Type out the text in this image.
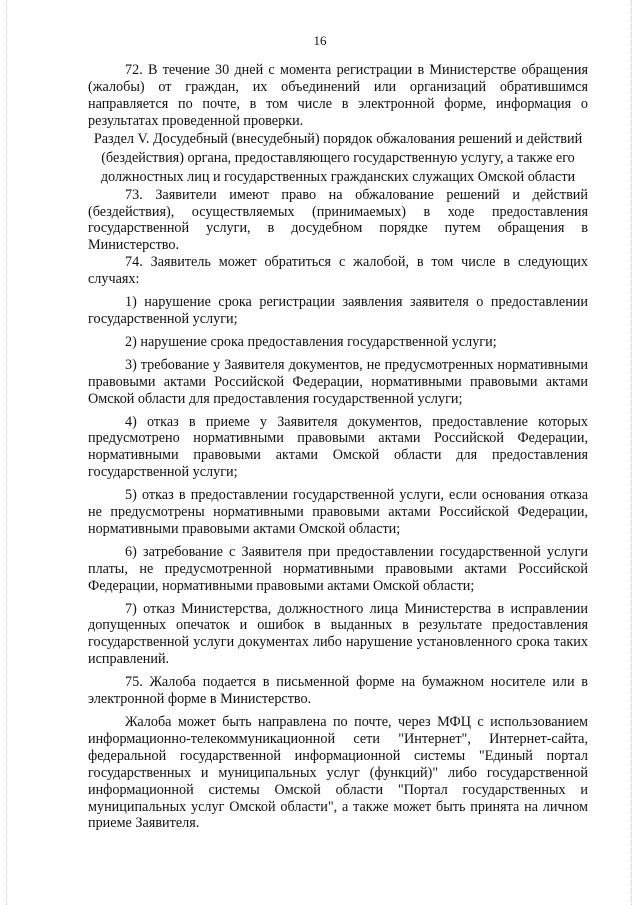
16

72. В течение 30 дней с момента регистрации в Министерстве обращения (жалобы) от граждан, их объединений или организаций обратившимся направляется по почте, в том числе в электронной форме, информация о результатах проведенной проверки.

Раздел V. Досудебный (внесудебный) порядок обжалования решений и действий (бездействия) органа, предоставляющего государственную услугу, а также его должностных лиц и государственных гражданских служащих Омской области

73. Заявители имеют право на обжалование решений и действий (бездействия), осуществляемых (принимаемых) в ходе предоставления государственной услуги, в досудебном порядке путем обращения в Министерство.

74. Заявитель может обратиться с жалобой, в том числе в следующих случаях:

1) нарушение срока регистрации заявления заявителя о предоставлении государственной услуги;

2) нарушение срока предоставления государственной услуги;

3) требование у Заявителя документов, не предусмотренных нормативными правовыми актами Российской Федерации, нормативными правовыми актами Омской области для предоставления государственной услуги;

4) отказ в приеме у Заявителя документов, предоставление которых предусмотрено нормативными правовыми актами Российской Федерации, нормативными правовыми актами Омской области для предоставления государственной услуги;

5) отказ в предоставлении государственной услуги, если основания отказа не предусмотрены нормативными правовыми актами Российской Федерации, нормативными правовыми актами Омской области;

6) затребование с Заявителя при предоставлении государственной услуги платы, не предусмотренной нормативными правовыми актами Российской Федерации, нормативными правовыми актами Омской области;

7) отказ Министерства, должностного лица Министерства в исправлении допущенных опечаток и ошибок в выданных в результате предоставления государственной услуги документах либо нарушение установленного срока таких исправлений.

75. Жалоба подается в письменной форме на бумажном носителе или в электронной форме в Министерство.

Жалоба может быть направлена по почте, через МФЦ с использованием информационно-телекоммуникационной сети "Интернет", Интернет-сайта, федеральной государственной информационной системы "Единый портал государственных и муниципальных услуг (функций)" либо государственной информационной системы Омской области "Портал государственных и муниципальных услуг Омской области", а также может быть принята на личном приеме Заявителя.
